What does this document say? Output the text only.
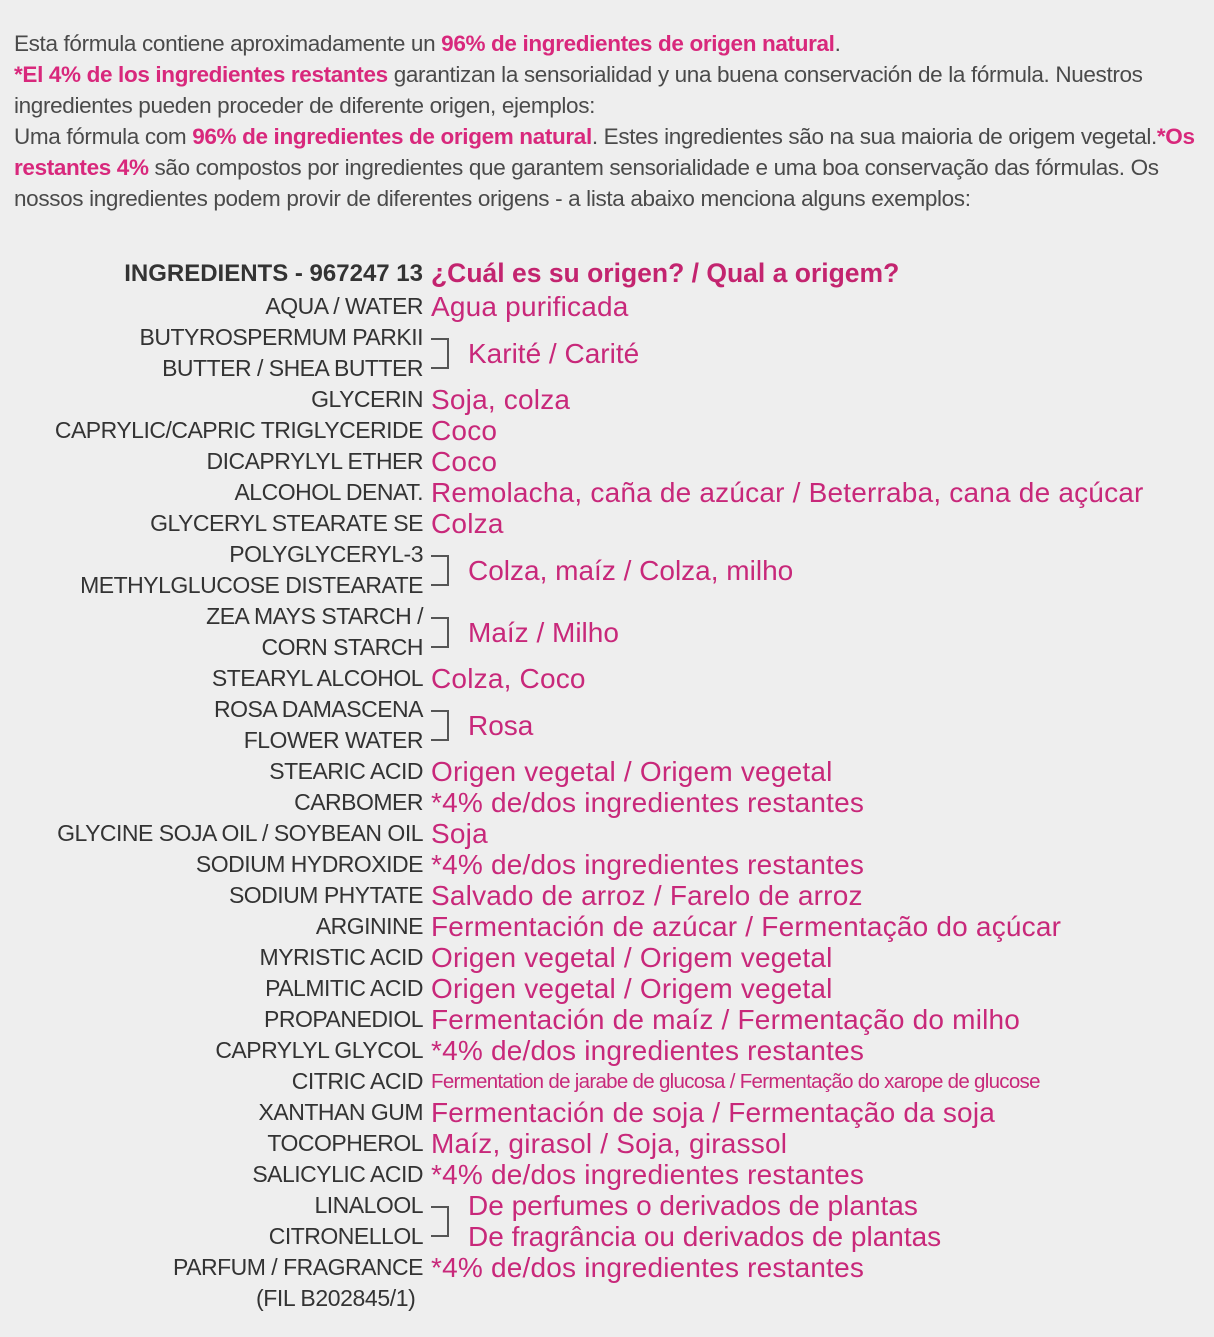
Esta fórmula contiene aproximadamente un 96% de ingredientes de origen natural.
*El 4% de los ingredientes restantes garantizan la sensorialidad y una buena conservación de la fórmula. Nuestros ingredientes pueden proceder de diferente origen, ejemplos:

Uma fórmula com 96% de ingredientes de origem natural. Estes ingredientes são na sua maioria de origem vegetal.*Os restantes 4% são compostos por ingredientes que garantem sensorialidade e uma boa conservação das fórmulas. Os nossos ingredientes podem provir de diferentes origens - a lista abaixo menciona alguns exemplos:

INGREDIENTS - 967247 13 ¿Cuál es su origen? / Qual a origem?
AQUA / WATER Agua purificada
BUTYROSPERMUM PARKII
BUTTER / SHEA BUTTER Karité / Carité
GLYCERIN Soja, colza
CAPRYLIC/CAPRIC TRIGLYCERIDE Coco
DICAPRYLYL ETHER Coco
ALCOHOL DENAT. Remolacha, caña de azúcar / Beterraba, cana de açúcar
GLYCERYL STEARATE SE Colza
POLYGLYCERYL-3
METHYLGLUCOSE DISTEARATE Colza, maíz / Colza, milho
ZEA MAYS STARCH /
CORN STARCH Maíz / Milho
STEARYL ALCOHOL Colza, Coco
ROSA DAMASCENA
FLOWER WATER Rosa
STEARIC ACID Origen vegetal / Origem vegetal
CARBOMER *4% de/dos ingredientes restantes
GLYCINE SOJA OIL / SOYBEAN OIL Soja
SODIUM HYDROXIDE *4% de/dos ingredientes restantes
SODIUM PHYTATE Salvado de arroz / Farelo de arroz
ARGININE Fermentación de azúcar / Fermentação do açúcar
MYRISTIC ACID Origen vegetal / Origem vegetal
PALMITIC ACID Origen vegetal / Origem vegetal
PROPANEDIOL Fermentación de maíz / Fermentação do milho
CAPRYLYL GLYCOL *4% de/dos ingredientes restantes
CITRIC ACID Fermentation de jarabe de glucosa / Fermentação do xarope de glucose
XANTHAN GUM Fermentación de soja / Fermentação da soja
TOCOPHEROL Maíz, girasol / Soja, girassol
SALICYLIC ACID *4% de/dos ingredientes restantes
LINALOOL
CITRONELLOL
De perfumes o derivados de plantas
De fragrância ou derivados de plantas
PARFUM / FRAGRANCE *4% de/dos ingredientes restantes
(FIL B202845/1)
